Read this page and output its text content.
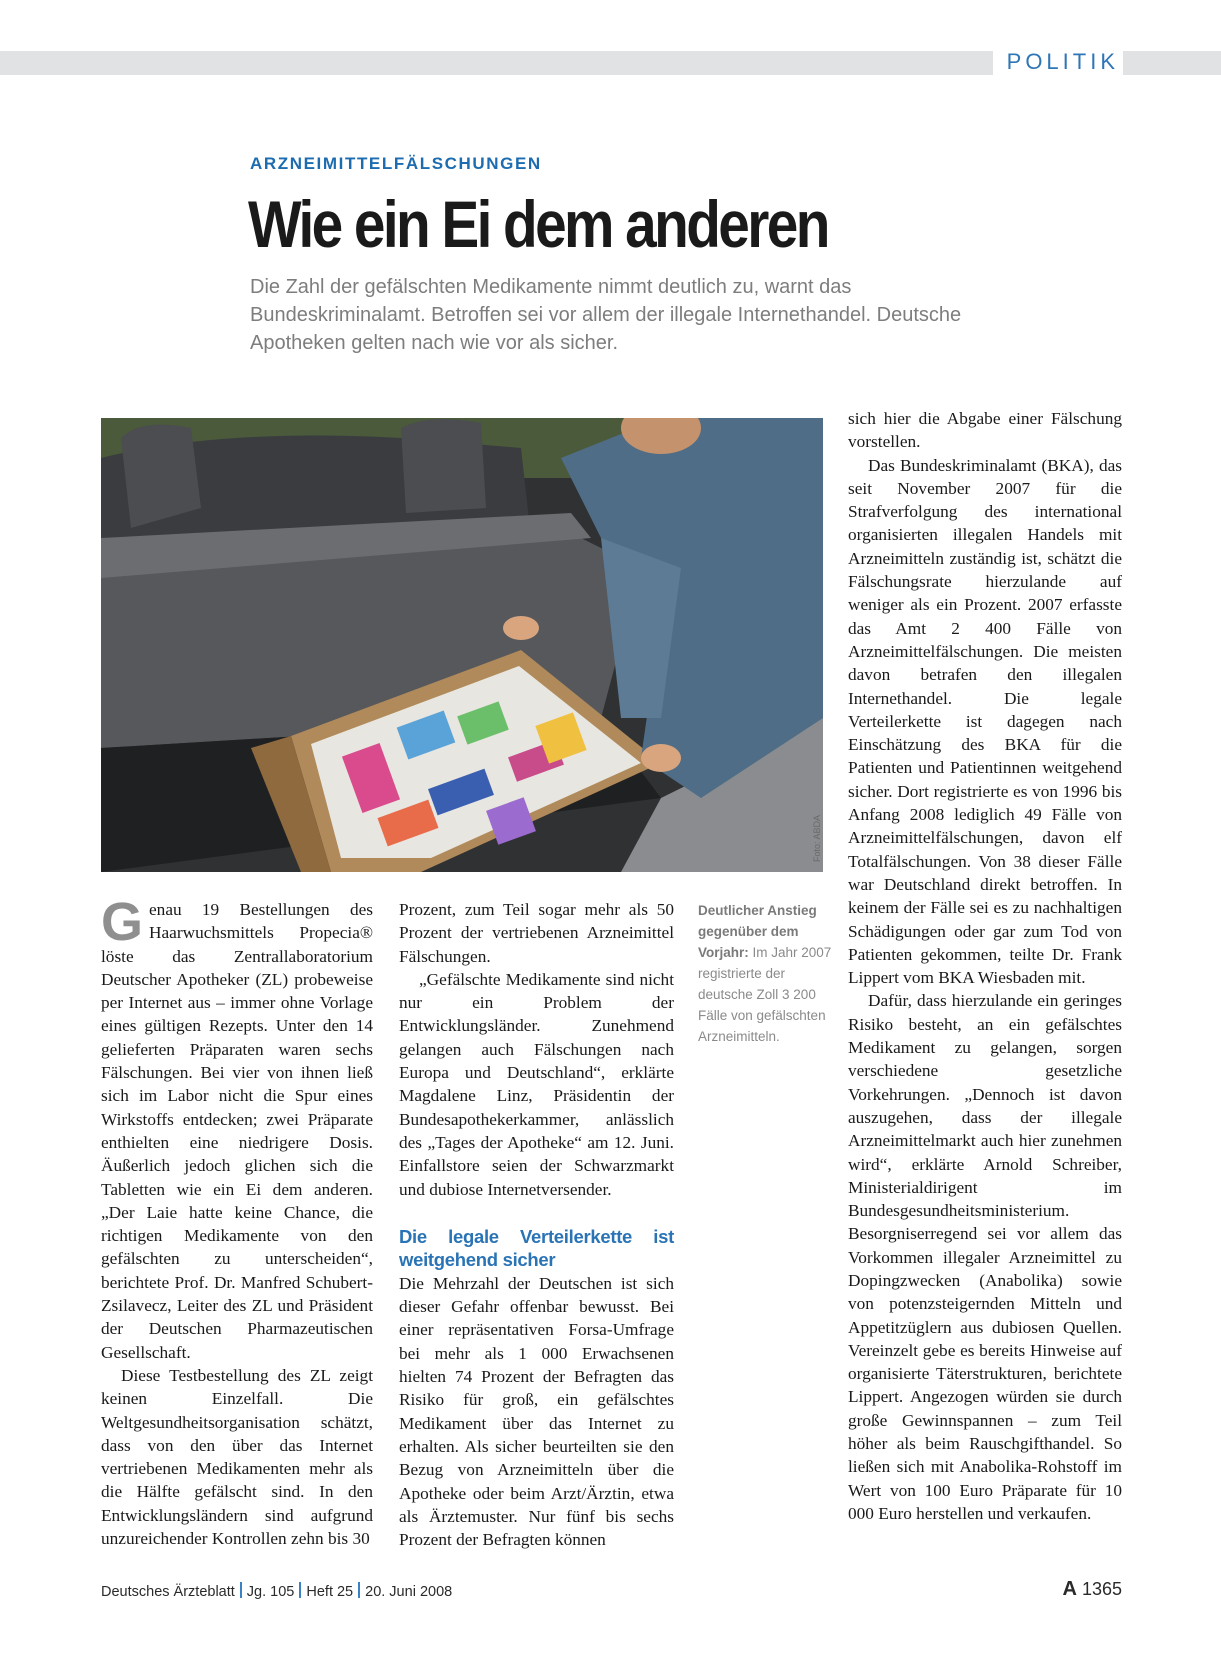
POLITIK
ARZNEIMITTELFÄLSCHUNGEN
Wie ein Ei dem anderen

Die Zahl der gefälschten Medikamente nimmt deutlich zu, warnt das Bundeskriminalamt. Betroffen sei vor allem der illegale Internethandel. Deutsche Apotheken gelten nach wie vor als sicher.

Foto: ABDA

Genau 19 Bestellungen des Haarwuchsmittels Propecia® löste das Zentrallaboratorium Deutscher Apotheker (ZL) probeweise per Internet aus – immer ohne Vorlage eines gültigen Rezepts. Unter den 14 gelieferten Präparaten waren sechs Fälschungen. Bei vier von ihnen ließ sich im Labor nicht die Spur eines Wirkstoffs entdecken; zwei Präparate enthielten eine niedrigere Dosis. Äußerlich jedoch glichen sich die Tabletten wie ein Ei dem anderen. „Der Laie hatte keine Chance, die richtigen Medikamente von den gefälschten zu unterscheiden“, berichtete Prof. Dr. Manfred Schubert-Zsilavecz, Leiter des ZL und Präsident der Deutschen Pharmazeutischen Gesellschaft.

Diese Testbestellung des ZL zeigt keinen Einzelfall. Die Weltgesundheitsorganisation schätzt, dass von den über das Internet vertriebenen Medikamenten mehr als die Hälfte gefälscht sind. In den Entwicklungsländern sind aufgrund unzureichender Kontrollen zehn bis 30

Prozent, zum Teil sogar mehr als 50 Prozent der vertriebenen Arzneimittel Fälschungen.

„Gefälschte Medikamente sind nicht nur ein Problem der Entwicklungsländer. Zunehmend gelangen auch Fälschungen nach Europa und Deutschland“, erklärte Magdalene Linz, Präsidentin der Bundesapothekerkammer, anlässlich des „Tages der Apotheke“ am 12. Juni. Einfallstore seien der Schwarzmarkt und dubiose Internetversender.

Die legale Verteilerkette ist weitgehend sicher

Die Mehrzahl der Deutschen ist sich dieser Gefahr offenbar bewusst. Bei einer repräsentativen Forsa-Umfrage bei mehr als 1 000 Erwachsenen hielten 74 Prozent der Befragten das Risiko für groß, ein gefälschtes Medikament über das Internet zu erhalten. Als sicher beurteilten sie den Bezug von Arzneimitteln über die Apotheke oder beim Arzt/Ärztin, etwa als Ärztemuster. Nur fünf bis sechs Prozent der Befragten können

Deutlicher Anstieg gegenüber dem Vorjahr: Im Jahr 2007 registrierte der deutsche Zoll 3 200 Fälle von gefälschten Arzneimitteln.

sich hier die Abgabe einer Fälschung vorstellen.

Das Bundeskriminalamt (BKA), das seit November 2007 für die Strafverfolgung des international organisierten illegalen Handels mit Arzneimitteln zuständig ist, schätzt die Fälschungsrate hierzulande auf weniger als ein Prozent. 2007 erfasste das Amt 2 400 Fälle von Arzneimittelfälschungen. Die meisten davon betrafen den illegalen Internethandel. Die legale Verteilerkette ist dagegen nach Einschätzung des BKA für die Patienten und Patientinnen weitgehend sicher. Dort registrierte es von 1996 bis Anfang 2008 lediglich 49 Fälle von Arzneimittelfälschungen, davon elf Totalfälschungen. Von 38 dieser Fälle war Deutschland direkt betroffen. In keinem der Fälle sei es zu nachhaltigen Schädigungen oder gar zum Tod von Patienten gekommen, teilte Dr. Frank Lippert vom BKA Wiesbaden mit.

Dafür, dass hierzulande ein geringes Risiko besteht, an ein gefälschtes Medikament zu gelangen, sorgen verschiedene gesetzliche Vorkehrungen. „Dennoch ist davon auszugehen, dass der illegale Arzneimittelmarkt auch hier zunehmen wird“, erklärte Arnold Schreiber, Ministerialdirigent im Bundesgesundheitsministerium. Besorgniserregend sei vor allem das Vorkommen illegaler Arzneimittel zu Dopingzwecken (Anabolika) sowie von potenzsteigernden Mitteln und Appetitzüglern aus dubiosen Quellen. Vereinzelt gebe es bereits Hinweise auf organisierte Täterstrukturen, berichtete Lippert. Angezogen würden sie durch große Gewinnspannen – zum Teil höher als beim Rauschgifthandel. So ließen sich mit Anabolika-Rohstoff im Wert von 100 Euro Präparate für 10 000 Euro herstellen und verkaufen.

Deutsches Ärzteblatt Jg. 105 Heft 25 20. Juni 2008	A 1365
